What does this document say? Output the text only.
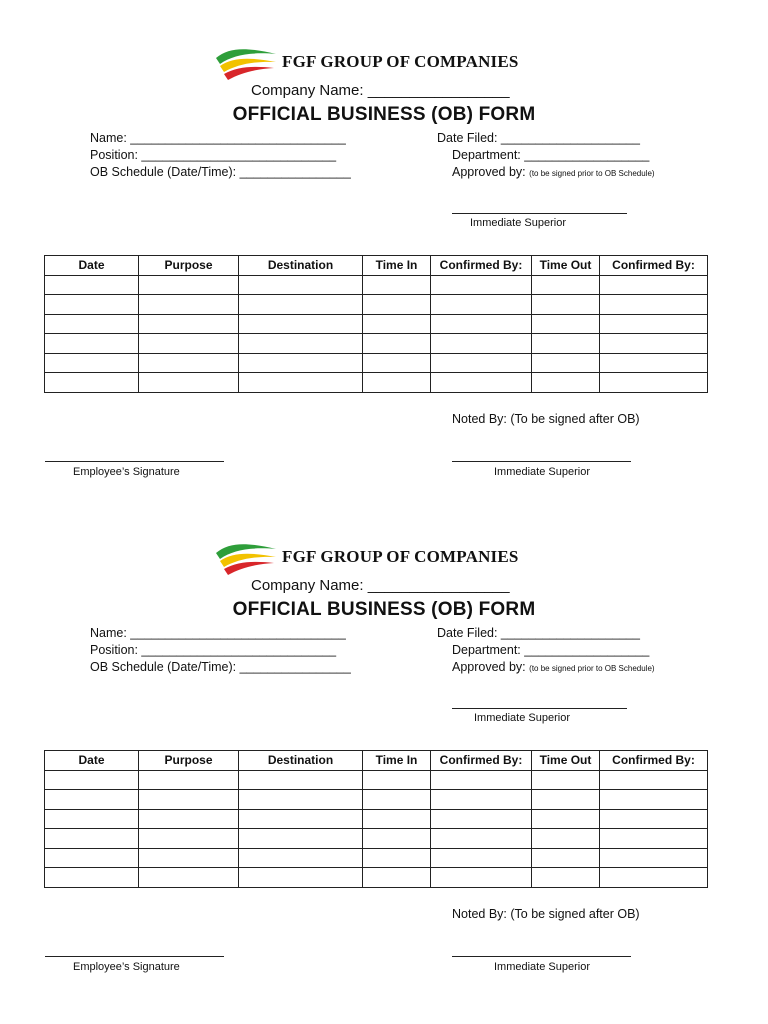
FGF GROUP OF COMPANIES
Company Name: _________________
OFFICIAL BUSINESS (OB) FORM
Name: _______________________________
Position: ____________________________
OB Schedule (Date/Time): ________________
Date Filed: ____________________
Department: __________________
Approved by: (to be signed prior to OB Schedule)
Immediate Superior
Date	Purpose	Destination	Time In	Confirmed By:	Time Out	Confirmed By:

Noted By: (To be signed after OB)
Employee’s Signature	Immediate Superior
FGF GROUP OF COMPANIES
Company Name: _________________
OFFICIAL BUSINESS (OB) FORM
Name: _______________________________
Position: ____________________________
OB Schedule (Date/Time): ________________
Date Filed: ____________________
Department: __________________
Approved by: (to be signed prior to OB Schedule)
Immediate Superior
Date	Purpose	Destination	Time In	Confirmed By:	Time Out	Confirmed By:

Noted By: (To be signed after OB)
Employee’s Signature	Immediate Superior
